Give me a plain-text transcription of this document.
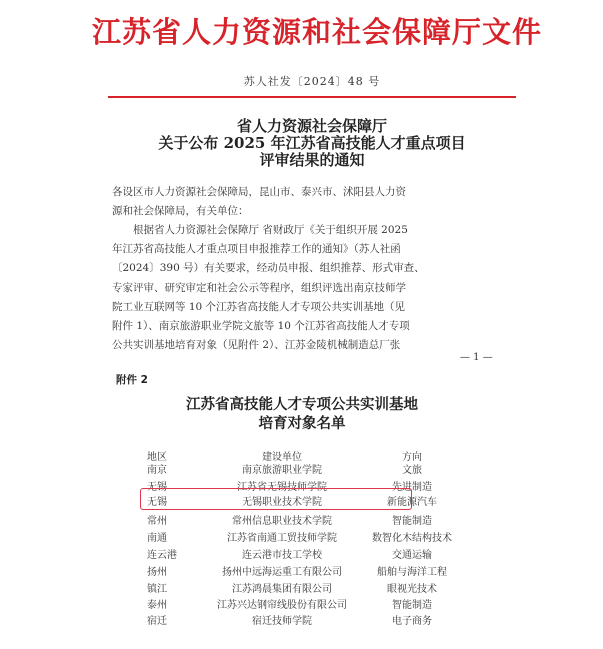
江苏省人力资源和社会保障厅文件
苏人社发〔2024〕48 号
省人力资源社会保障厅
关于公布 2025 年江苏省高技能人才重点项目
评审结果的通知
各设区市人力资源社会保障局，昆山市、泰兴市、沭阳县人力资
源和社会保障局，有关单位：
根据省人力资源社会保障厅 省财政厅《关于组织开展 2025
年江苏省高技能人才重点项目申报推荐工作的通知》（苏人社函
〔2024〕390 号）有关要求，经动员申报、组织推荐、形式审查、
专家评审、研究审定和社会公示等程序，组织评选出南京技师学
院工业互联网等 10 个江苏省高技能人才专项公共实训基地（见
附件 1）、南京旅游职业学院文旅等 10 个江苏省高技能人才专项
公共实训基地培育对象（见附件 2）、江苏金陵机械制造总厂张
— 1 —
附件 2
江苏省高技能人才专项公共实训基地
培育对象名单
地区	建设单位	方向
南京	南京旅游职业学院	文旅
无锡	江苏省无锡技师学院	先进制造
无锡	无锡职业技术学院	新能源汽车
常州	常州信息职业技术学院	智能制造
南通	江苏省南通工贸技师学院	数智化木结构技术
连云港	连云港市技工学校	交通运输
扬州	扬州中远海运重工有限公司	船舶与海洋工程
镇江	江苏鸿晨集团有限公司	眼视光技术
泰州	江苏兴达钢帘线股份有限公司	智能制造
宿迁	宿迁技师学院	电子商务
